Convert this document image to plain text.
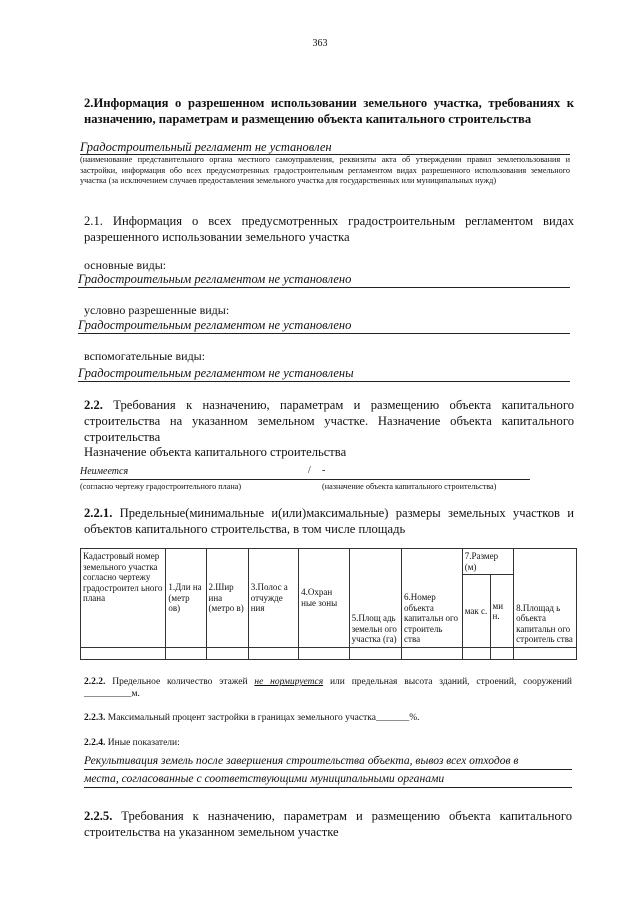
363
2.Информация о разрешенном использовании земельного участка, требованиях к назначению, параметрам и размещению объекта капитального строительства
Градостроительный регламент не установлен
(наименование представительного органа местного самоуправления, реквизиты акта об утверждении правил землепользования и застройки, информация обо всех предусмотренных градостроительным регламентом видах разрешенного использования земельного участка (за исключением случаев предоставления земельного участка для государственных или муниципальных нужд)
2.1. Информация о всех предусмотренных градостроительным регламентом видах разрешенного использовании земельного участка
основные виды:
Градостроительным регламентом не установлено
условно разрешенные виды:
Градостроительным регламентом не установлено
вспомогательные виды:
Градостроительным регламентом не установлены
2.2. Требования к назначению, параметрам и размещению объекта капитального строительства на указанном земельном участке. Назначение объекта капитального строительства
Назначение объекта капитального строительства
Неимеется	/ -
(согласно чертежу градостроительного плана)	(назначение объекта капитального строительства)
2.2.1. Предельные(минимальные и(или)максимальные) размеры земельных участков и объектов капитального строительства, в том числе площадь
Кадастровый номер земельного участка согласно чертежу градостроител ьного плана	1.Дли на (метр ов)	2.Шир ина (метро в)	3.Полос а отчужде ния	4.Охран ные зоны	5.Площ адь земельн ого участка (га)	6.Номер объекта капитальн ого строитель ства	7.Размер (м)		8.Площад ь объекта капитальн ого строитель ства
							мак с.	ми н.	

2.2.2. Предельное количество этажей не нормируется или предельная высота зданий, строений, сооружений __________м.
2.2.3. Максимальный процент застройки в границах земельного участка_______%.
2.2.4. Иные показатели:
Рекультивация земель после завершения строительства объекта, вывоз всех отходов в
места, согласованные с соответствующими муниципальными органами
2.2.5. Требования к назначению, параметрам и размещению объекта капитального строительства на указанном земельном участке
